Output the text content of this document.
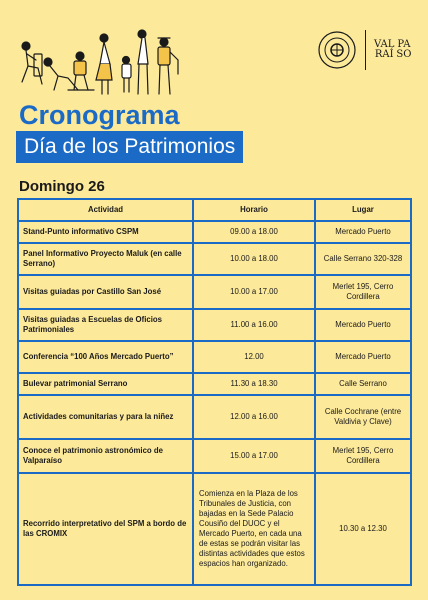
VAL PA
RAÍ SO
Cronograma
Día de los Patrimonios
Domingo 26
Actividad	Horario	Lugar
Stand-Punto informativo CSPM	09.00 a 18.00	Mercado Puerto
Panel Informativo Proyecto Maluk (en calle Serrano)	10.00 a 18.00	Calle Serrano 320-328
Visitas guiadas por Castillo San José	10.00 a 17.00	Merlet 195, Cerro Cordillera
Visitas guiadas a Escuelas de Oficios Patrimoniales	11.00 a 16.00	Mercado Puerto
Conferencia “100 Años Mercado Puerto”	12.00	Mercado Puerto
Bulevar patrimonial Serrano	11.30 a 18.30	Calle Serrano
Actividades comunitarias y para la niñez	12.00 a 16.00	Calle Cochrane (entre Valdivia y Clave)
Conoce el patrimonio astronómico de Valparaíso	15.00 a 17.00	Merlet 195, Cerro Cordillera
Recorrido interpretativo del SPM a bordo de las CROMIX	Comienza en la Plaza de los Tribunales de Justicia, con bajadas en la Sede Palacio Cousiño del DUOC y el Mercado Puerto, en cada una de estas se podrán visitar las distintas actividades que estos espacios han organizado.	10.30 a 12.30
